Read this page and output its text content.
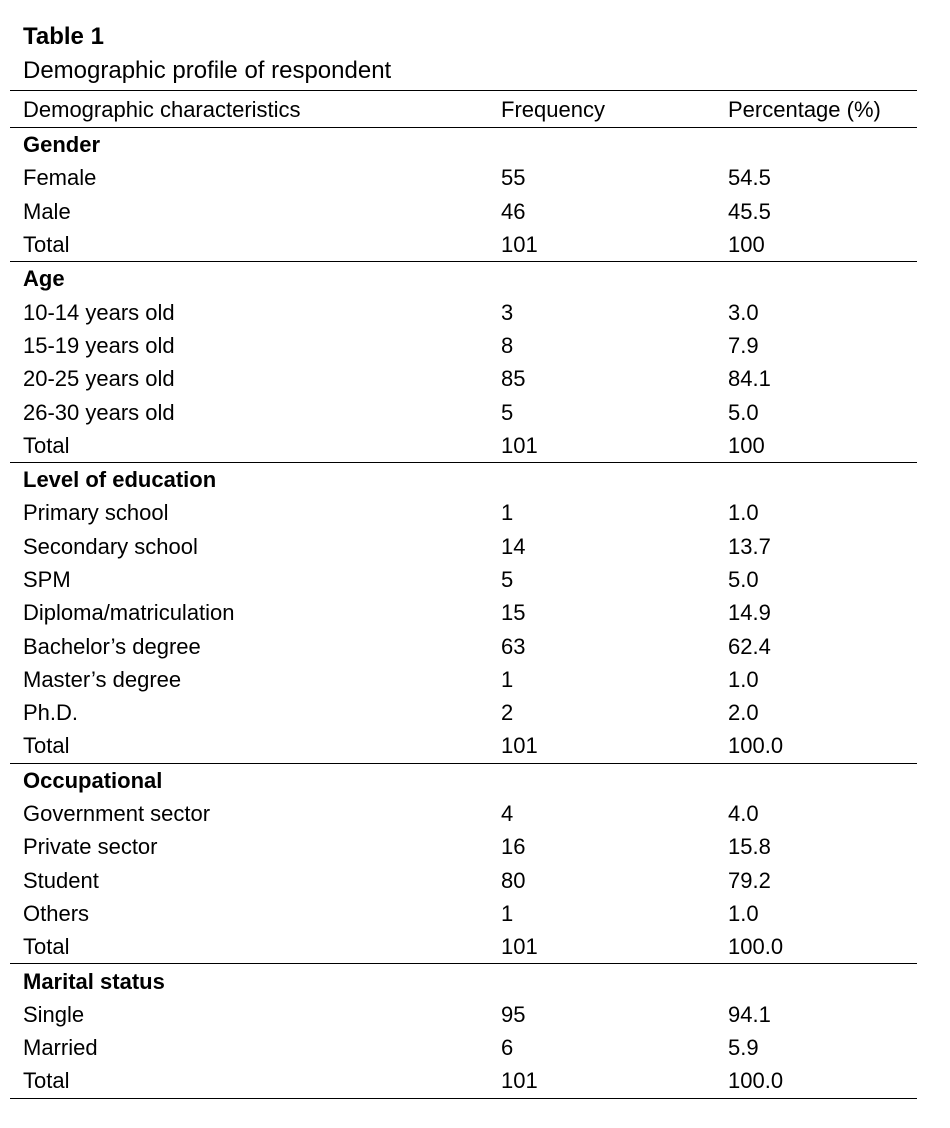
Table 1
Demographic profile of respondent
Demographic characteristics	Frequency	Percentage (%)
Gender		
Female	55	54.5
Male	46	45.5
Total	101	100
Age		
10-14 years old	3	3.0
15-19 years old	8	7.9
20-25 years old	85	84.1
26-30 years old	5	5.0
Total	101	100
Level of education		
Primary school	1	1.0
Secondary school	14	13.7
SPM	5	5.0
Diploma/matriculation	15	14.9
Bachelor’s degree	63	62.4
Master’s degree	1	1.0
Ph.D.	2	2.0
Total	101	100.0
Occupational		
Government sector	4	4.0
Private sector	16	15.8
Student	80	79.2
Others	1	1.0
Total	101	100.0
Marital status		
Single	95	94.1
Married	6	5.9
Total	101	100.0
